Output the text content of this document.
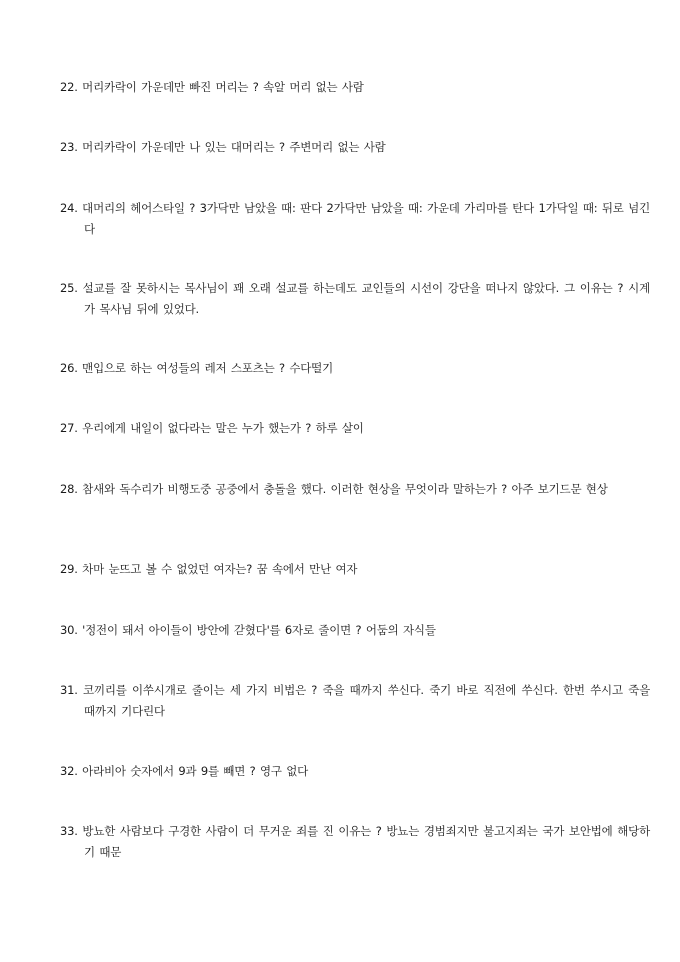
22. 머리카락이 가운데만 빠진 머리는 ? 속알 머리 없는 사람
23. 머리카락이 가운데만 나 있는 대머리는 ? 주변머리 없는 사람
24. 대머리의 헤어스타일 ? 3가닥만 남았을 때: 판다 2가닥만 남았을 때: 가운데 가리마를 탄다 1가닥일 때: 뒤로 넘긴다
25. 설교를 잘 못하시는 목사님이 꽤 오래 설교를 하는데도 교인들의 시선이 강단을 떠나지 않았다. 그 이유는 ? 시계가 목사님 뒤에 있었다.
26. 맨입으로 하는 여성들의 레저 스포츠는 ? 수다떨기
27. 우리에게 내일이 없다라는 말은 누가 했는가 ? 하루 살이
28. 참새와 독수리가 비행도중 공중에서 충돌을 했다. 이러한 현상을 무엇이라 말하는가 ? 아주 보기드문 현상
29. 차마 눈뜨고 볼 수 없었던 여자는? 꿈 속에서 만난 여자
30. '정전이 돼서 아이들이 방안에 갇혔다'를 6자로 줄이면 ? 어둠의 자식들
31. 코끼리를 이쑤시개로 줄이는 세 가지 비법은 ? 죽을 때까지 쑤신다. 죽기 바로 직전에 쑤신다. 한번 쑤시고 죽을 때까지 기다린다
32. 아라비아 숫자에서 9과 9를 빼면 ? 영구 없다
33. 방뇨한 사람보다 구경한 사람이 더 무거운 죄를 진 이유는 ? 방뇨는 경범죄지만 불고지죄는 국가 보안법에 해당하기 때문
